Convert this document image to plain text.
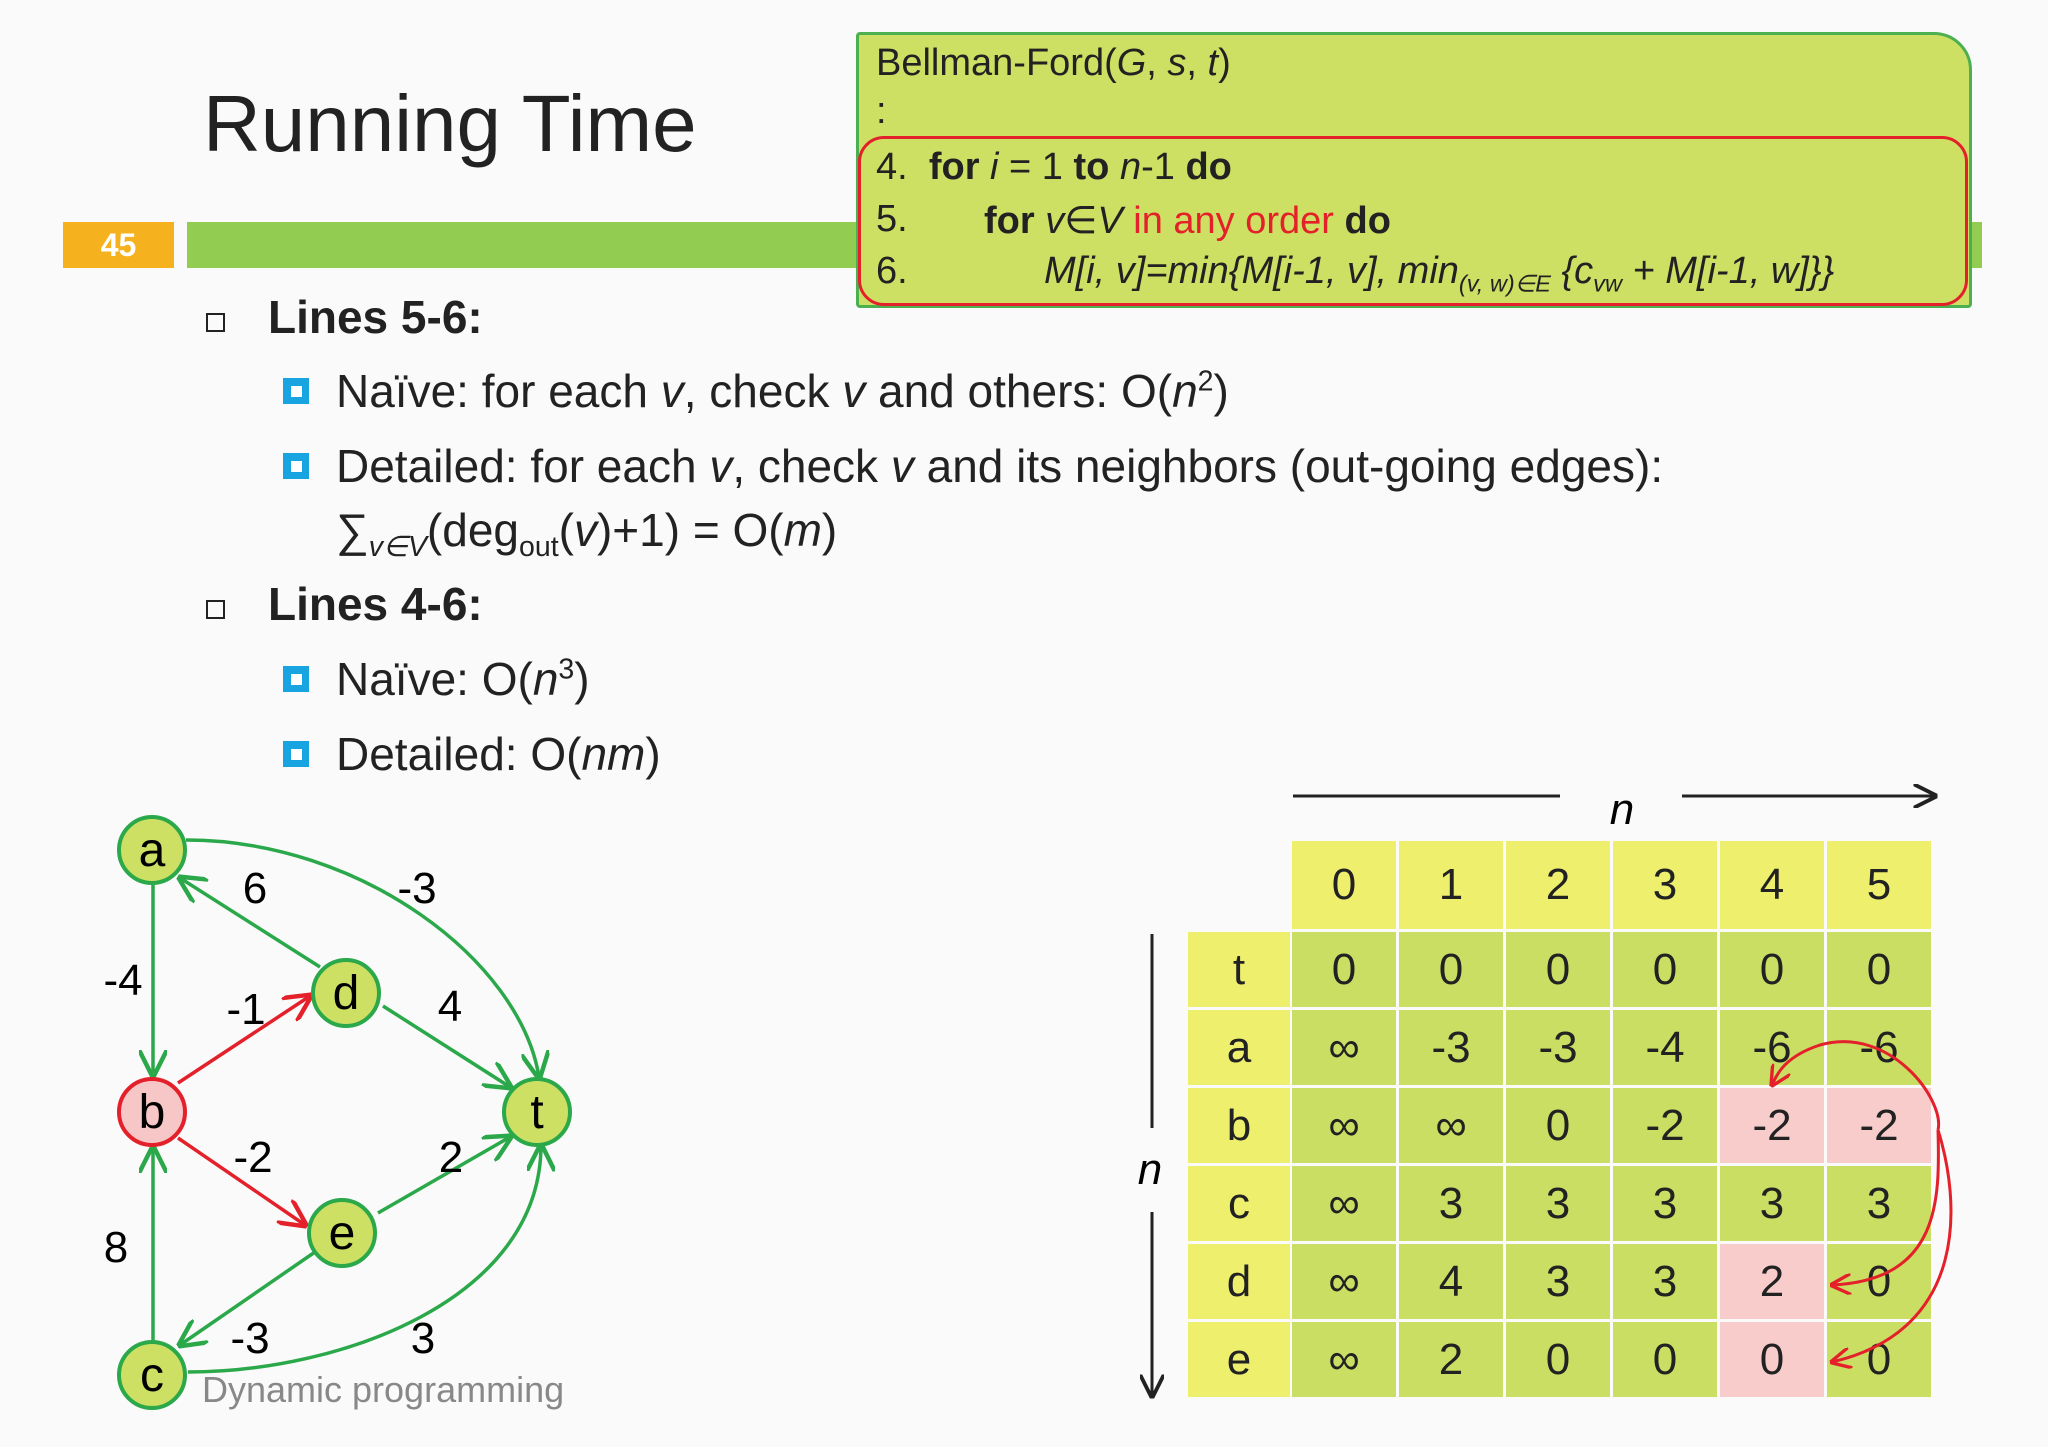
Running Time
45
Bellman-Ford(G, s, t)
:
4. for i = 1 to n-1 do
5. for v∈V in any order do
6.	M[i, v]=min{M[i-1, v], $\min_{(v, w)\in E} \{c_{vw} + M[i-1$, w]}}
Lines 5-6:
Naïve: for each v, check v and others: $O(n^2)$
Detailed: for each v, check v and its neighbors (out-going edges):
$\sum_{v\in V}(deg_{out}(v)+1) = O(m)$
Lines 4-6:
Naïve: $O(n^3)$
Detailed: O(nm)
6	-3
-4
-1	4
-2	2
8
-3	3
a
b
c
d
e
t
Dynamic programming
n
n
0	1	2	3	4	5
t	0	0	0	0	0	0
a	∞	-3	-3	-4	-6	-6
b	∞	∞	0	-2	-2	-2
c	∞	3	3	3	3	3
d	∞	4	3	3	2	0
e	∞	2	0	0	0	0
